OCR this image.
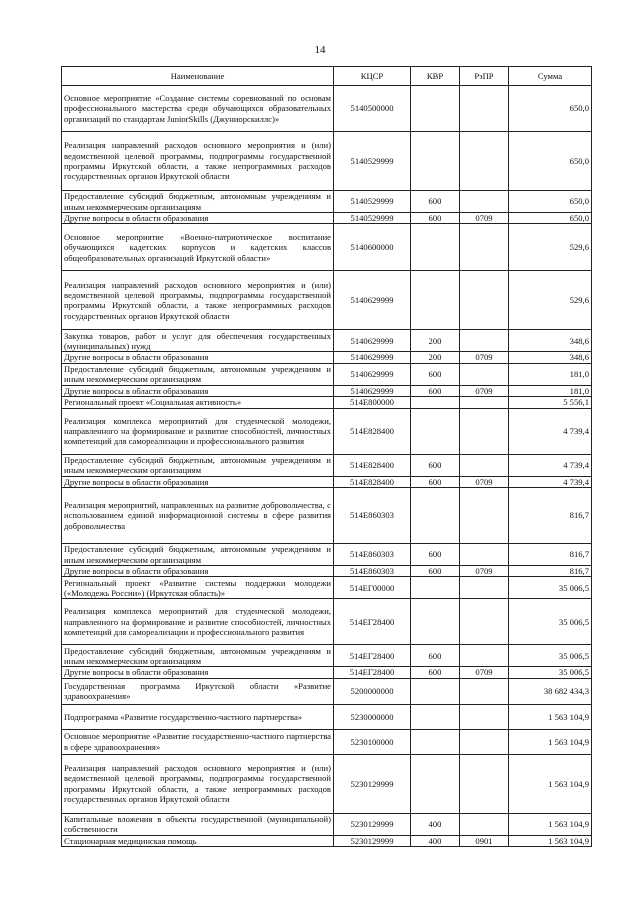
14
Наименование	КЦСР	КВР	РзПР	Сумма
Основное мероприятие «Создание системы соревнований по основам профессионального мастерства среди обучающихся образовательных организаций по стандартам JuniorSkills (Джуниорскиллс)»	5140500000			650,0
Реализация направлений расходов основного мероприятия и (или) ведомственной целевой программы, подпрограммы государственной программы Иркутской области, а также непрограммных расходов государственных органов Иркутской области	5140529999			650,0
Предоставление субсидий бюджетным, автономным учреждениям и иным некоммерческим организациям	5140529999	600		650,0
Другие вопросы в области образования	5140529999	600	0709	650,0
Основное мероприятие «Военно-патриотическое воспитание обучающихся кадетских корпусов и кадетских классов общеобразовательных организаций Иркутской области»	5140600000			529,6
Реализация направлений расходов основного мероприятия и (или) ведомственной целевой программы, подпрограммы государственной программы Иркутской области, а также непрограммных расходов государственных органов Иркутской области	5140629999			529,6
Закупка товаров, работ и услуг для обеспечения государственных (муниципальных) нужд	5140629999	200		348,6
Другие вопросы в области образования	5140629999	200	0709	348,6
Предоставление субсидий бюджетным, автономным учреждениям и иным некоммерческим организациям	5140629999	600		181,0
Другие вопросы в области образования	5140629999	600	0709	181,0
Региональный проект «Социальная активность»	514E800000			5 556,1
Реализация комплекса мероприятий для студенческой молодежи, направленного на формирование и развитие способностей, личностных компетенций для самореализации и профессионального развития	514E828400			4 739,4
Предоставление субсидий бюджетным, автономным учреждениям и иным некоммерческим организациям	514E828400	600		4 739,4
Другие вопросы в области образования	514E828400	600	0709	4 739,4
Реализация мероприятий, направленных на развитие добровольчества, с использованием единой информационной системы в сфере развития добровольчества	514E860303			816,7
Предоставление субсидий бюджетным, автономным учреждениям и иным некоммерческим организациям	514E860303	600		816,7
Другие вопросы в области образования	514E860303	600	0709	816,7
Региональный проект «Развитие системы поддержки молодежи («Молодежь России») (Иркутская область)»	514EГ00000			35 006,5
Реализация комплекса мероприятий для студенческой молодежи, направленного на формирование и развитие способностей, личностных компетенций для самореализации и профессионального развития	514EГ28400			35 006,5
Предоставление субсидий бюджетным, автономным учреждениям и иным некоммерческим организациям	514EГ28400	600		35 006,5
Другие вопросы в области образования	514EГ28400	600	0709	35 006,5
Государственная программа Иркутской области «Развитие здравоохранения»	5200000000			38 682 434,3
Подпрограмма «Развитие государственно-частного партнерства»	5230000000			1 563 104,9
Основное мероприятие «Развитие государственно-частного партнерства в сфере здравоохранения»	5230100000			1 563 104,9
Реализация направлений расходов основного мероприятия и (или) ведомственной целевой программы, подпрограммы государственной программы Иркутской области, а также непрограммных расходов государственных органов Иркутской области	5230129999			1 563 104,9
Капитальные вложения в объекты государственной (муниципальной) собственности	5230129999	400		1 563 104,9
Стационарная медицинская помощь	5230129999	400	0901	1 563 104,9
